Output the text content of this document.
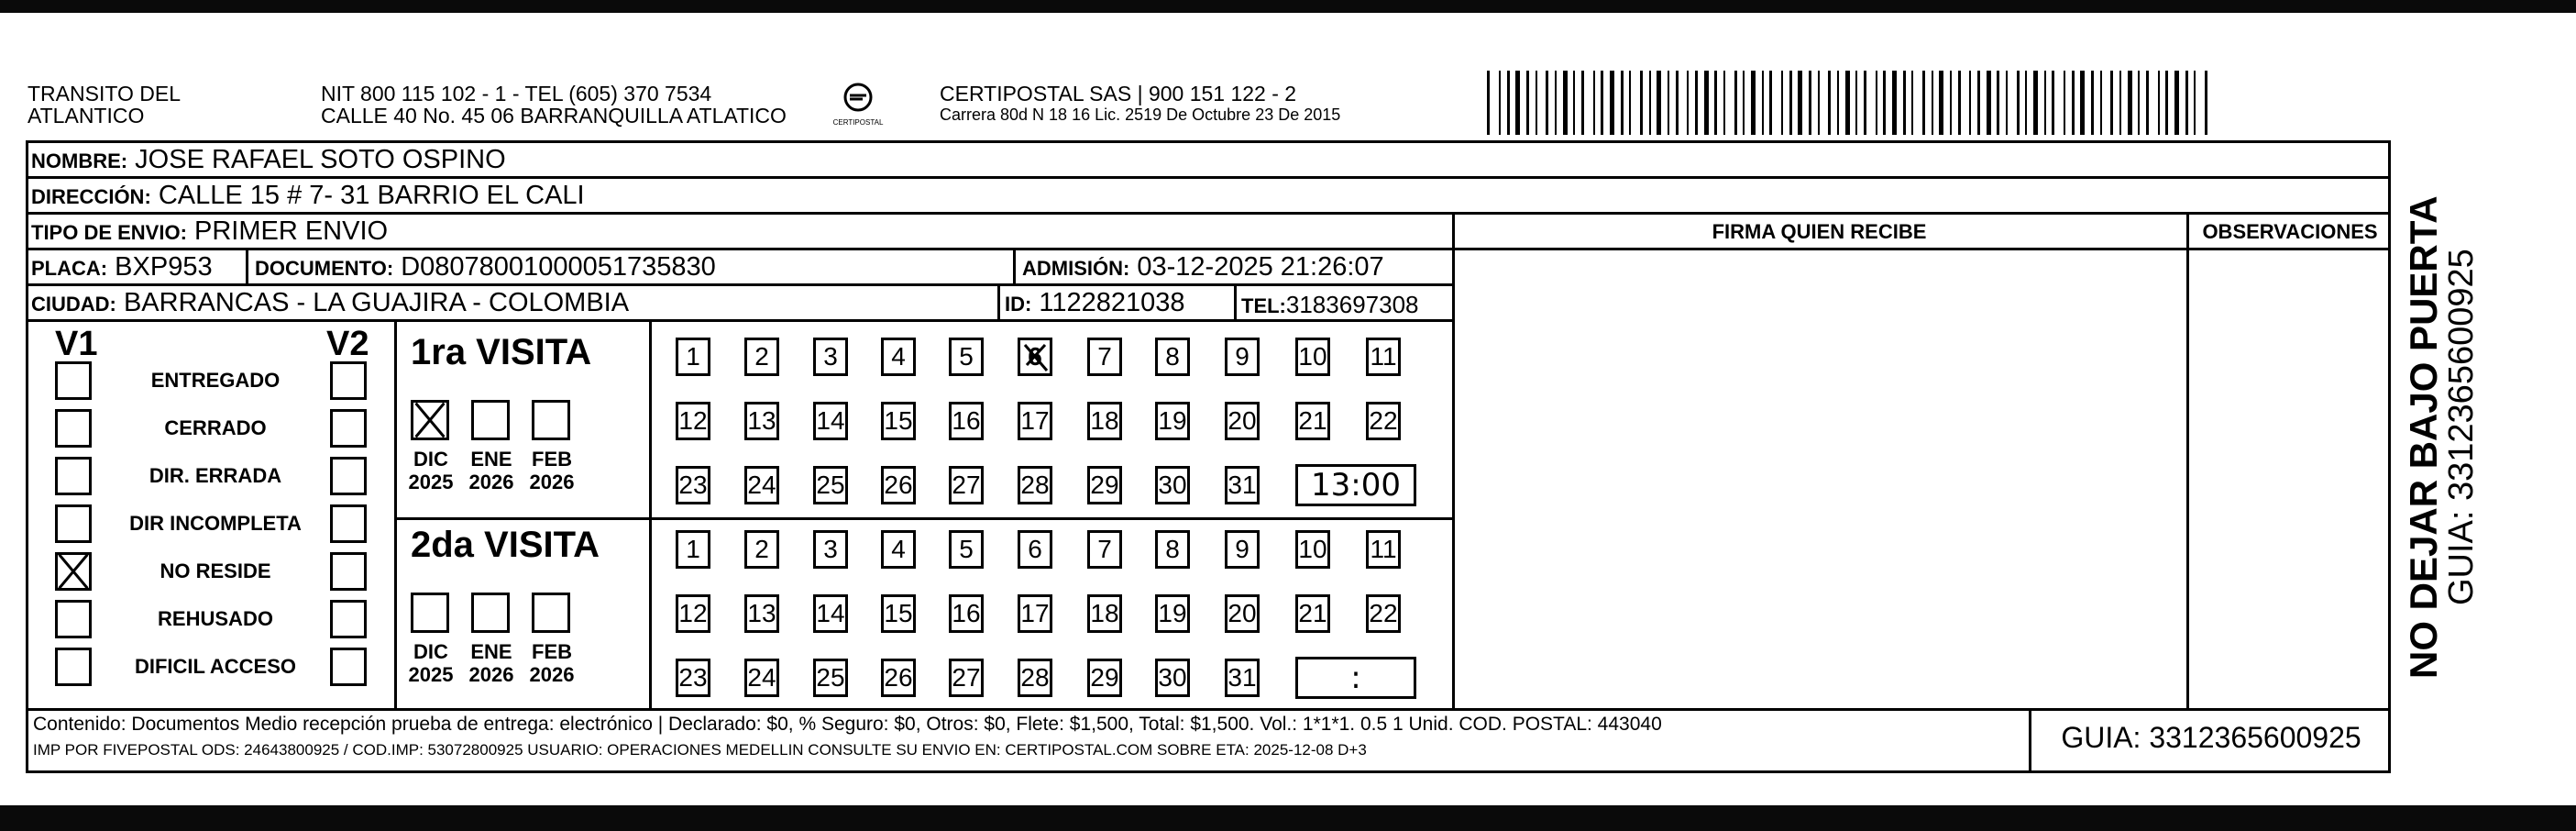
TRANSITO DEL
ATLANTICO
NIT 800 115 102 - 1 - TEL (605) 370 7534
CALLE 40 No. 45 06 BARRANQUILLA ATLATICO	CERTIPOSTAL
CERTIPOSTAL SAS | 900 151 122 - 2
Carrera 80d N 18 16 Lic. 2519 De Octubre 23 De 2015
NOMBRE: JOSE RAFAEL SOTO OSPINO
DIRECCIÓN: CALLE 15 # 7- 31 BARRIO EL CALI
TIPO DE ENVIO: PRIMER ENVIO	FIRMA QUIEN RECIBE	OBSERVACIONES
PLACA: BXP953 DOCUMENTO: D08078001000051735830	ADMISIÓN: 03-12-2025 21:26:07
CIUDAD: BARRANCAS - LA GUAJIRA - COLOMBIA	ID: 1122821038	TEL:3183697308
V1	V2
ENTREGADO
CERRADO
DIR. ERRADA
DIR INCOMPLETA
NO RESIDE
REHUSADO
DIFICIL ACCESO
1ra VISITA
DIC
2025
ENE
2026
FEB
2026
1	2	3	4	5	6	7	8	9	10 11
12 13 14 15 16 17 18 19 20 21 22
23 24 25 26 27 28 29 30 31	13:00
2da VISITA
DIC
2025
ENE
2026
FEB
2026
1	2	3	4	5	6	7	8	9	10 11
12 13 14 15 16 17 18 19 20 21 22
23 24 25 26 27 28 29 30 31	:
Contenido: Documentos Medio recepción prueba de entrega: electrónico | Declarado: $0, % Seguro: $0, Otros: $0, Flete: $1,500, Total: $1,500. Vol.: 1*1*1. 0.5 1 Unid. COD. POSTAL: 443040
IMP POR FIVEPOSTAL ODS: 24643800925 / COD.IMP: 53072800925 USUARIO: OPERACIONES MEDELLIN CONSULTE SU ENVIO EN: CERTIPOSTAL.COM SOBRE ETA: 2025-12-08 D+3	GUIA: 3312365600925
NO DEJAR BAJO PUERTA
GUIA: 3312365600925
